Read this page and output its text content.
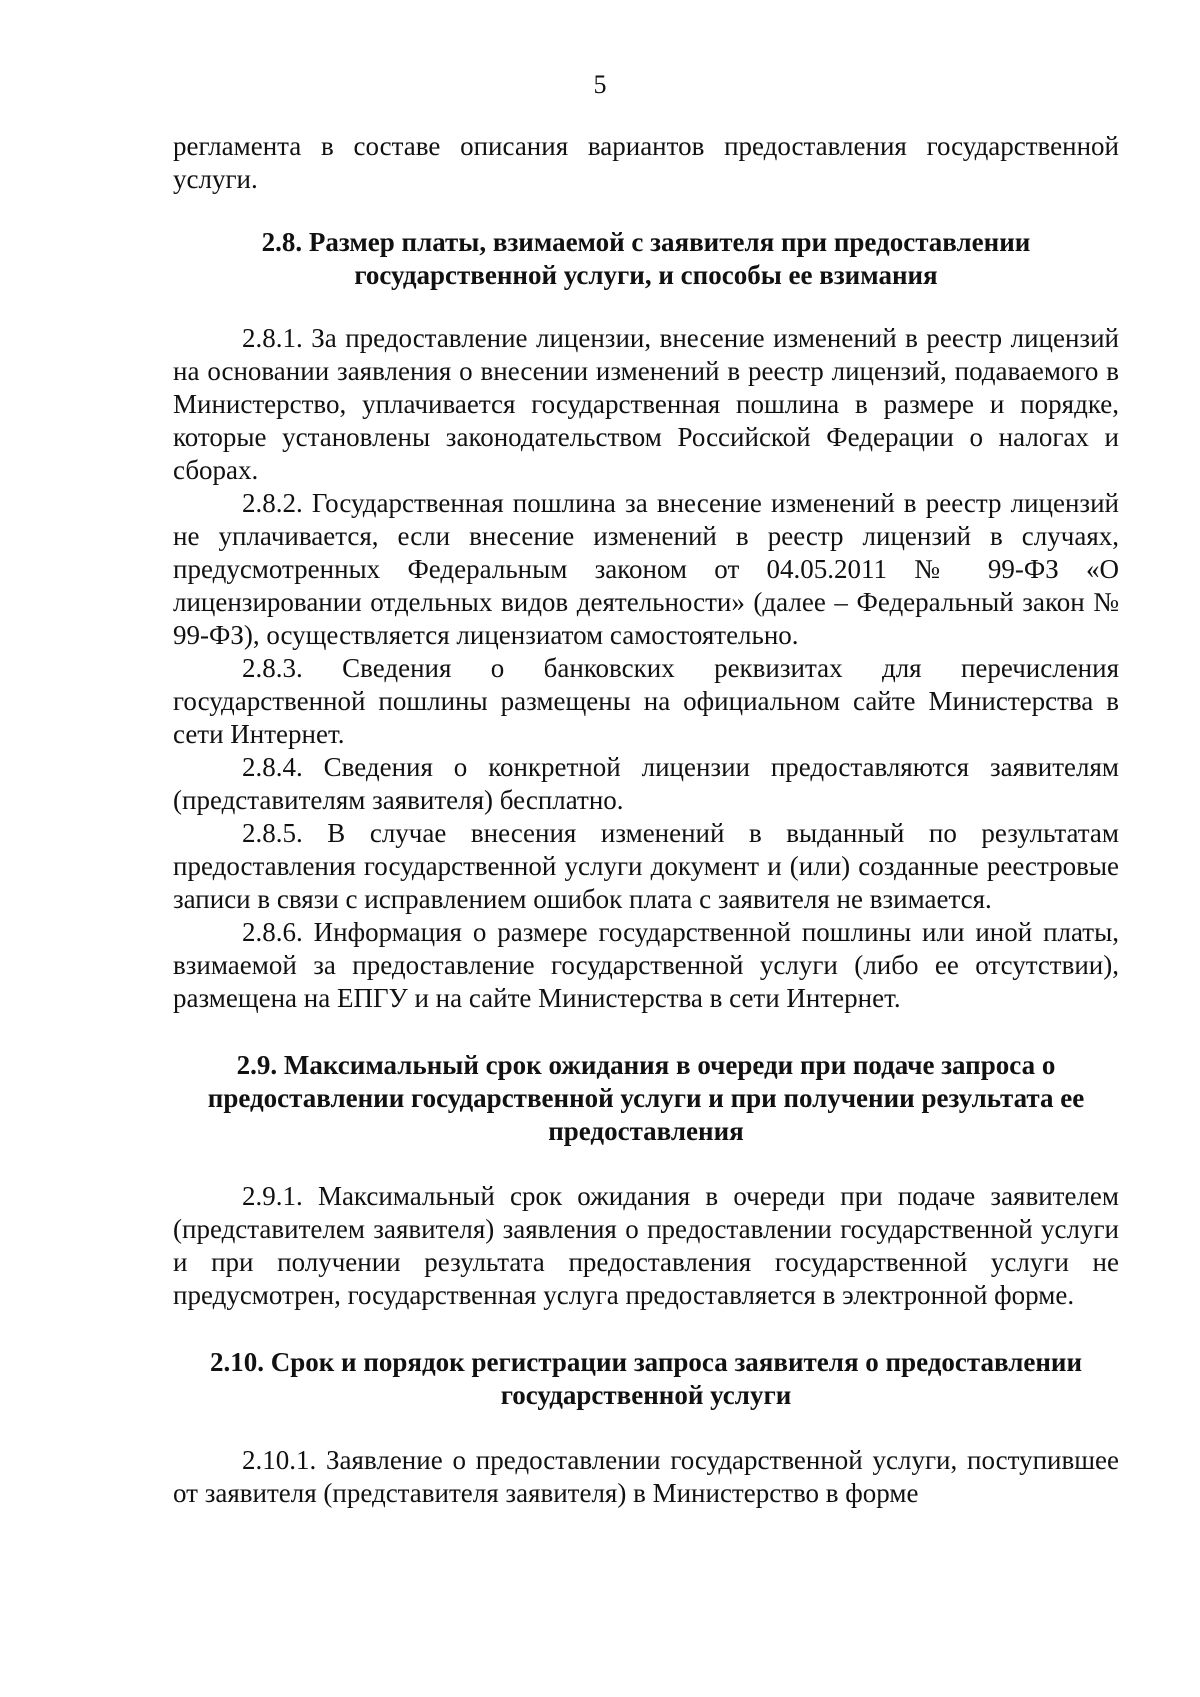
5

регламента в составе описания вариантов предоставления государственной услуги.

2.8. Размер платы, взимаемой с заявителя при предоставлении государственной услуги, и способы ее взимания

2.8.1. За предоставление лицензии, внесение изменений в реестр лицензий на основании заявления о внесении изменений в реестр лицензий, подаваемого в Министерство, уплачивается государственная пошлина в размере и порядке, которые установлены законодательством Российской Федерации о налогах и сборах.

2.8.2. Государственная пошлина за внесение изменений в реестр лицензий не уплачивается, если внесение изменений в реестр лицензий в случаях, предусмотренных Федеральным законом от 04.05.2011 № 99-ФЗ «О лицензировании отдельных видов деятельности» (далее – Федеральный закон № 99-ФЗ), осуществляется лицензиатом самостоятельно.

2.8.3. Сведения о банковских реквизитах для перечисления государственной пошлины размещены на официальном сайте Министерства в сети Интернет.

2.8.4. Сведения о конкретной лицензии предоставляются заявителям (представителям заявителя) бесплатно.

2.8.5. В случае внесения изменений в выданный по результатам предоставления государственной услуги документ и (или) созданные реестровые записи в связи с исправлением ошибок плата с заявителя не взимается.

2.8.6. Информация о размере государственной пошлины или иной платы, взимаемой за предоставление государственной услуги (либо ее отсутствии), размещена на ЕПГУ и на сайте Министерства в сети Интернет.

2.9. Максимальный срок ожидания в очереди при подаче запроса о предоставлении государственной услуги и при получении результата ее предоставления

2.9.1. Максимальный срок ожидания в очереди при подаче заявителем (представителем заявителя) заявления о предоставлении государственной услуги и при получении результата предоставления государственной услуги не предусмотрен, государственная услуга предоставляется в электронной форме.

2.10. Срок и порядок регистрации запроса заявителя о предоставлении государственной услуги

2.10.1. Заявление о предоставлении государственной услуги, поступившее от заявителя (представителя заявителя) в Министерство в форме
